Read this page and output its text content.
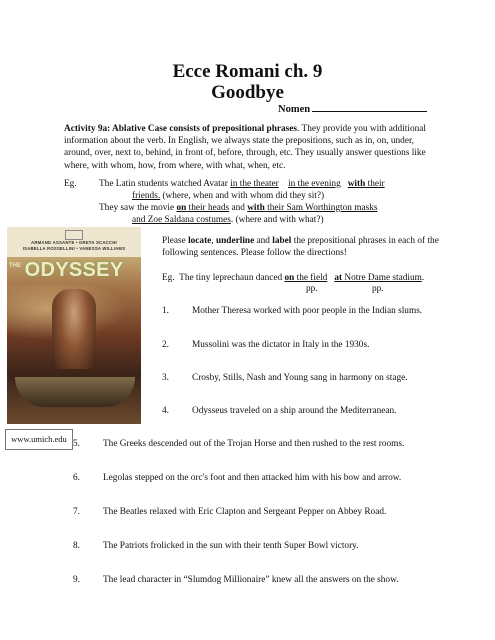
Ecce Romani ch. 9
Goodbye
Nomen
Activity 9a: Ablative Case consists of prepositional phrases. They provide you with additional information about the verb. In English, we always state the prepositions, such as in, on, under, around, over, next to, behind, in front of, before, through, etc. They usually answer questions like where, with whom, how, from where, with what, when, etc.
Eg. The Latin students watched Avatar in the theater in the evening with their
friends. (where, when and with whom did they sit?)
They saw the movie on their heads and with their Sam Worthington masks
and Zoe Saldana costumes. (where and with what?)
ARMAND ASSANTE • GRETA SCACCHI
ISABELLA ROSSELLINI • VANESSA WILLIAMS
THE ODYSSEY
www.umich.edu
Please locate, underline and label the prepositional phrases in each of the following sentences. Please follow the directions!
Eg.  The tiny leprechaun danced on the field at Notre Dame stadium.
pp.	pp.
1. Mother Theresa worked with poor people in the Indian slums.
2. Mussolini was the dictator in Italy in the 1930s.
3. Crosby, Stills, Nash and Young sang in harmony on stage.
4. Odysseus traveled on a ship around the Mediterranean.
5. The Greeks descended out of the Trojan Horse and then rushed to the rest rooms.
6. Legolas stepped on the orc's foot and then attacked him with his bow and arrow.
7. The Beatles relaxed with Eric Clapton and Sergeant Pepper on Abbey Road.
8. The Patriots frolicked in the sun with their tenth Super Bowl victory.
9. The lead character in “Slumdog Millionaire” knew all the answers on the show.
